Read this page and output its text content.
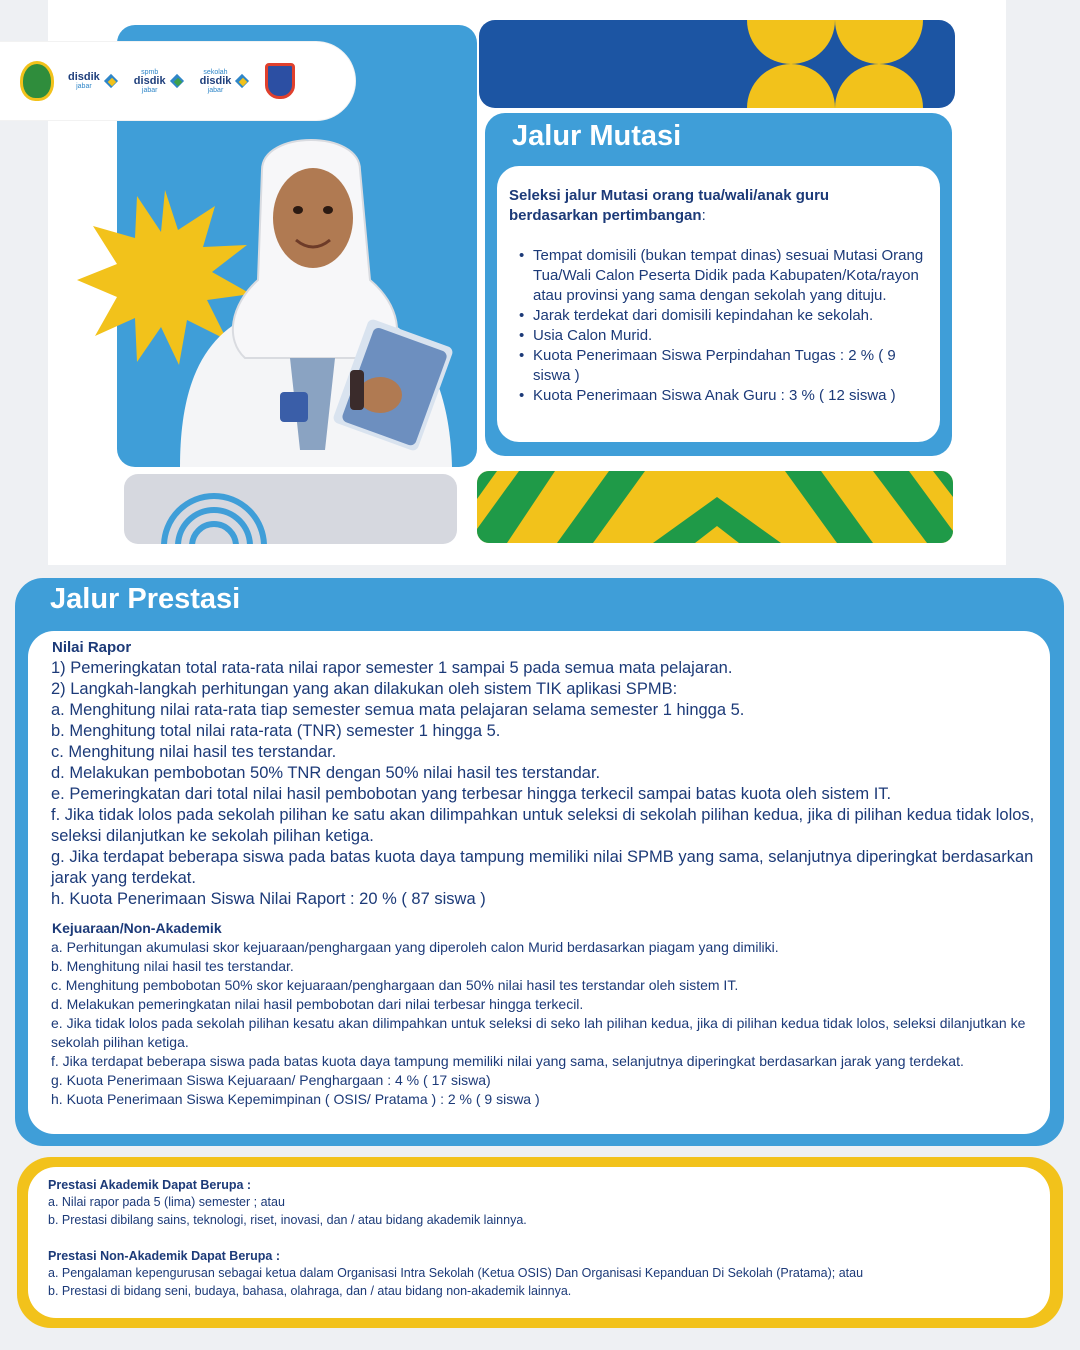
disdik
jabar
spmb
disdik
jabar
sekolah
disdik
jabar
Jalur Mutasi
Seleksi jalur Mutasi orang tua/wali/anak guru berdasarkan pertimbangan:
• Tempat domisili (bukan tempat dinas) sesuai Mutasi Orang Tua/Wali Calon Peserta Didik pada Kabupaten/Kota/rayon atau provinsi yang sama dengan sekolah yang dituju.
• Jarak terdekat dari domisili kepindahan ke sekolah.
• Usia Calon Murid.
• Kuota Penerimaan Siswa Perpindahan Tugas : 2 % ( 9 siswa )
• Kuota Penerimaan Siswa Anak Guru : 3 % ( 12 siswa )
Jalur Prestasi
Nilai Rapor
1) Pemeringkatan total rata-rata nilai rapor semester 1 sampai 5 pada semua mata pelajaran.
2) Langkah-langkah perhitungan yang akan dilakukan oleh sistem TIK aplikasi SPMB:
a. Menghitung nilai rata-rata tiap semester semua mata pelajaran selama semester 1 hingga 5.
b. Menghitung total nilai rata-rata (TNR) semester 1 hingga 5.
c. Menghitung nilai hasil tes terstandar.
d. Melakukan pembobotan 50% TNR dengan 50% nilai hasil tes terstandar.
e. Pemeringkatan dari total nilai hasil pembobotan yang terbesar hingga terkecil sampai batas kuota oleh sistem IT.
f. Jika tidak lolos pada sekolah pilihan ke satu akan dilimpahkan untuk seleksi di sekolah pilihan kedua, jika di pilihan kedua tidak lolos, seleksi dilanjutkan ke sekolah pilihan ketiga.
g. Jika terdapat beberapa siswa pada batas kuota daya tampung memiliki nilai SPMB yang sama, selanjutnya diperingkat berdasarkan jarak yang terdekat.
h. Kuota Penerimaan Siswa Nilai Raport : 20 % ( 87 siswa )
Kejuaraan/Non-Akademik
a. Perhitungan akumulasi skor kejuaraan/penghargaan yang diperoleh calon Murid berdasarkan piagam yang dimiliki.
b. Menghitung nilai hasil tes terstandar.
c. Menghitung pembobotan 50% skor kejuaraan/penghargaan dan 50% nilai hasil tes terstandar oleh sistem IT.
d. Melakukan pemeringkatan nilai hasil pembobotan dari nilai terbesar hingga terkecil.
e. Jika tidak lolos pada sekolah pilihan kesatu akan dilimpahkan untuk seleksi di seko lah pilihan kedua, jika di pilihan kedua tidak lolos, seleksi dilanjutkan ke sekolah pilihan ketiga.
f. Jika terdapat beberapa siswa pada batas kuota daya tampung memiliki nilai yang sama, selanjutnya diperingkat berdasarkan jarak yang terdekat.
g. Kuota Penerimaan Siswa Kejuaraan/ Penghargaan : 4 % ( 17 siswa)
h. Kuota Penerimaan Siswa Kepemimpinan ( OSIS/ Pratama ) : 2 % ( 9 siswa )
Prestasi Akademik Dapat Berupa :
a. Nilai rapor pada 5 (lima) semester ; atau
b. Prestasi dibilang sains, teknologi, riset, inovasi, dan / atau bidang akademik lainnya.
Prestasi Non-Akademik Dapat Berupa :
a. Pengalaman kepengurusan sebagai ketua dalam Organisasi Intra Sekolah (Ketua OSIS) Dan Organisasi Kepanduan Di Sekolah (Pratama); atau
b. Prestasi di bidang seni, budaya, bahasa, olahraga, dan / atau bidang non-akademik lainnya.
